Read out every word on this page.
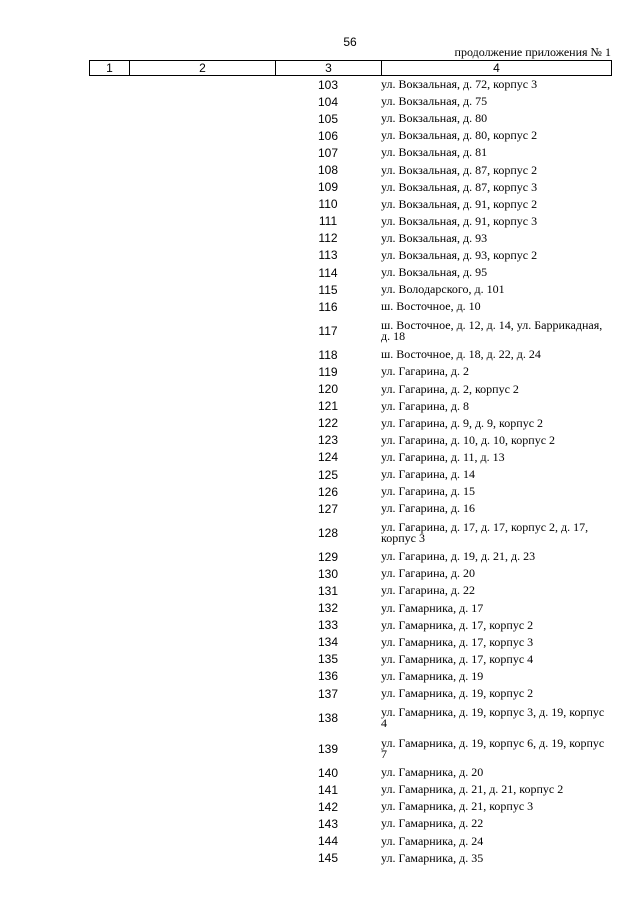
56
продолжение приложения № 1
1	2	3	4
103	ул. Вокзальная, д. 72, корпус 3
104	ул. Вокзальная, д. 75
105	ул. Вокзальная, д. 80
106	ул. Вокзальная, д. 80, корпус 2
107	ул. Вокзальная, д. 81
108	ул. Вокзальная, д. 87, корпус 2
109	ул. Вокзальная, д. 87, корпус 3
110	ул. Вокзальная, д. 91, корпус 2
111	ул. Вокзальная, д. 91, корпус 3
112	ул. Вокзальная, д. 93
113	ул. Вокзальная, д. 93, корпус 2
114	ул. Вокзальная, д. 95
115	ул. Володарского, д. 101
116	ш. Восточное, д. 10
117	ш. Восточное, д. 12, д. 14, ул. Баррикадная, д. 18
118	ш. Восточное, д. 18, д. 22, д. 24
119	ул. Гагарина, д. 2
120	ул. Гагарина, д. 2, корпус 2
121	ул. Гагарина, д. 8
122	ул. Гагарина, д. 9, д. 9, корпус 2
123	ул. Гагарина, д. 10, д. 10, корпус 2
124	ул. Гагарина, д. 11, д. 13
125	ул. Гагарина, д. 14
126	ул. Гагарина, д. 15
127	ул. Гагарина, д. 16
128	ул. Гагарина, д. 17, д. 17, корпус 2, д. 17, корпус 3
129	ул. Гагарина, д. 19, д. 21, д. 23
130	ул. Гагарина, д. 20
131	ул. Гагарина, д. 22
132	ул. Гамарника, д. 17
133	ул. Гамарника, д. 17, корпус 2
134	ул. Гамарника, д. 17, корпус 3
135	ул. Гамарника, д. 17, корпус 4
136	ул. Гамарника, д. 19
137	ул. Гамарника, д. 19, корпус 2
138	ул. Гамарника, д. 19, корпус 3, д. 19, корпус 4
139	ул. Гамарника, д. 19, корпус 6, д. 19, корпус 7
140	ул. Гамарника, д. 20
141	ул. Гамарника, д. 21, д. 21, корпус 2
142	ул. Гамарника, д. 21, корпус 3
143	ул. Гамарника, д. 22
144	ул. Гамарника, д. 24
145	ул. Гамарника, д. 35
